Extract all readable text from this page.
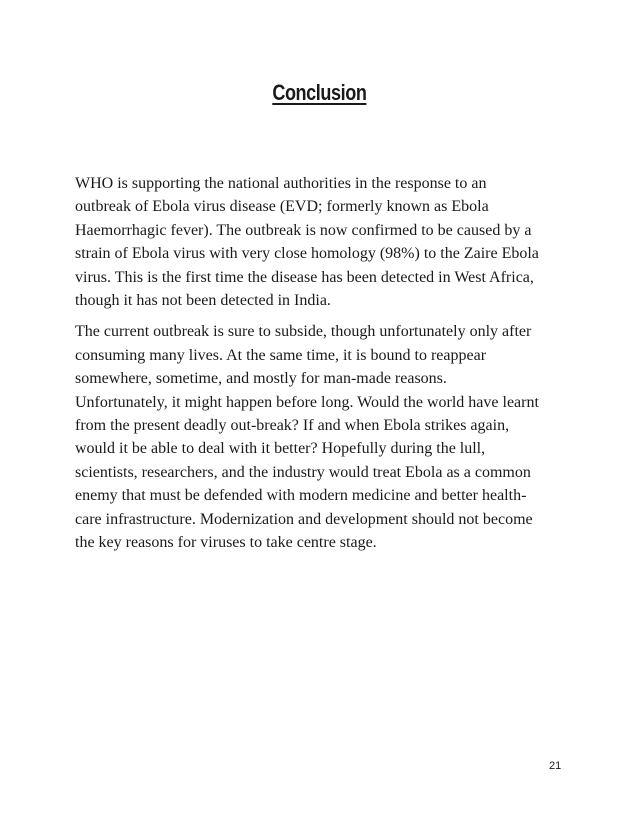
Conclusion

WHO is supporting the national authorities in the response to an
outbreak of Ebola virus disease (EVD; formerly known as Ebola
Haemorrhagic fever). The outbreak is now confirmed to be caused by a
strain of Ebola virus with very close homology (98%) to the Zaire Ebola
virus. This is the first time the disease has been detected in West Africa,
though it has not been detected in India.

The current outbreak is sure to subside, though unfortunately only after
consuming many lives. At the same time, it is bound to reappear
somewhere, sometime, and mostly for man-made reasons.
Unfortunately, it might happen before long. Would the world have learnt
from the present deadly out-break? If and when Ebola strikes again,
would it be able to deal with it better? Hopefully during the lull,
scientists, researchers, and the industry would treat Ebola as a common
enemy that must be defended with modern medicine and better health-
care infrastructure. Modernization and development should not become
the key reasons for viruses to take centre stage.

21
